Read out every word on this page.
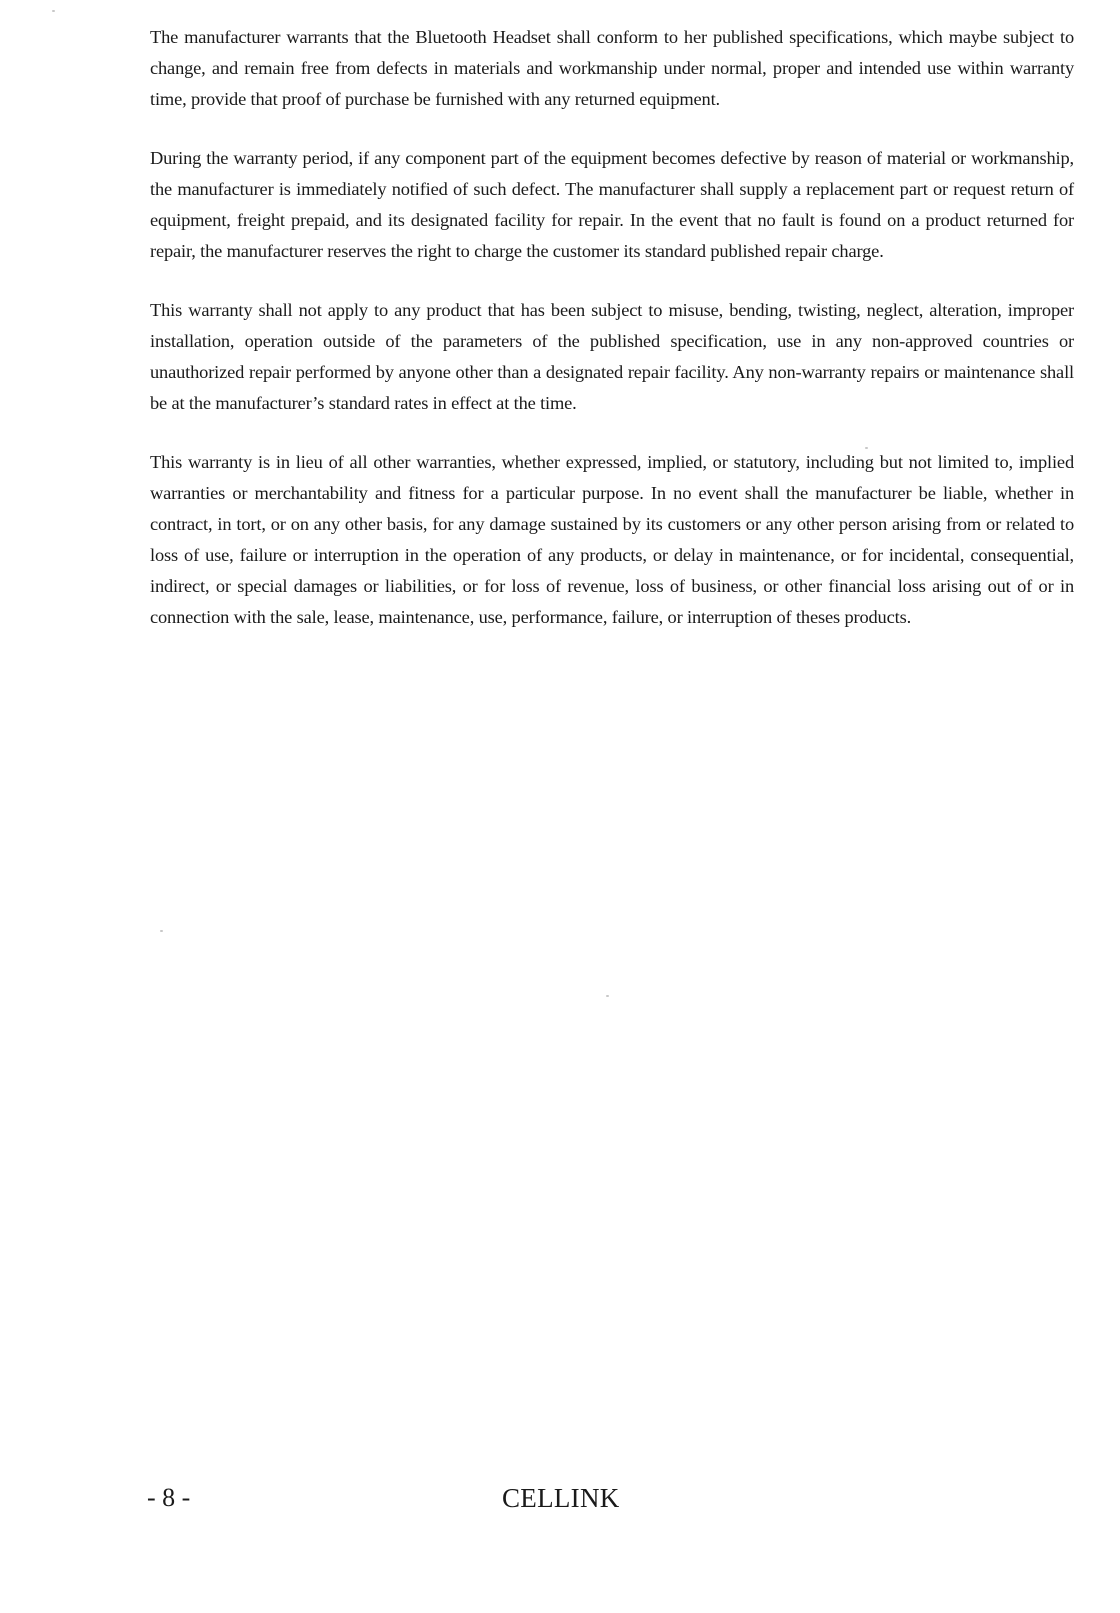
The manufacturer warrants that the Bluetooth Headset shall conform to her published specifications, which maybe subject to change, and remain free from defects in materials and workmanship under normal, proper and intended use within warranty time, provide that proof of purchase be furnished with any returned equipment.

During the warranty period, if any component part of the equipment becomes defective by reason of material or workmanship, the manufacturer is immediately notified of such defect. The manufacturer shall supply a replacement part or request return of equipment, freight prepaid, and its designated facility for repair. In the event that no fault is found on a product returned for repair, the manufacturer reserves the right to charge the customer its standard published repair charge.

This warranty shall not apply to any product that has been subject to misuse, bending, twisting, neglect, alteration, improper installation, operation outside of the parameters of the published specification, use in any non-approved countries or unauthorized repair performed by anyone other than a designated repair facility. Any non-warranty repairs or maintenance shall be at the manufacturer’s standard rates in effect at the time.

This warranty is in lieu of all other warranties, whether expressed, implied, or statutory, including but not limited to, implied warranties or merchantability and fitness for a particular purpose. In no event shall the manufacturer be liable, whether in contract, in tort, or on any other basis, for any damage sustained by its customers or any other person arising from or related to loss of use, failure or interruption in the operation of any products, or delay in maintenance, or for incidental, consequential, indirect, or special damages or liabilities, or for loss of revenue, loss of business, or other financial loss arising out of or in connection with the sale, lease, maintenance, use, performance, failure, or interruption of theses products.

- 8 -	CELLINK
